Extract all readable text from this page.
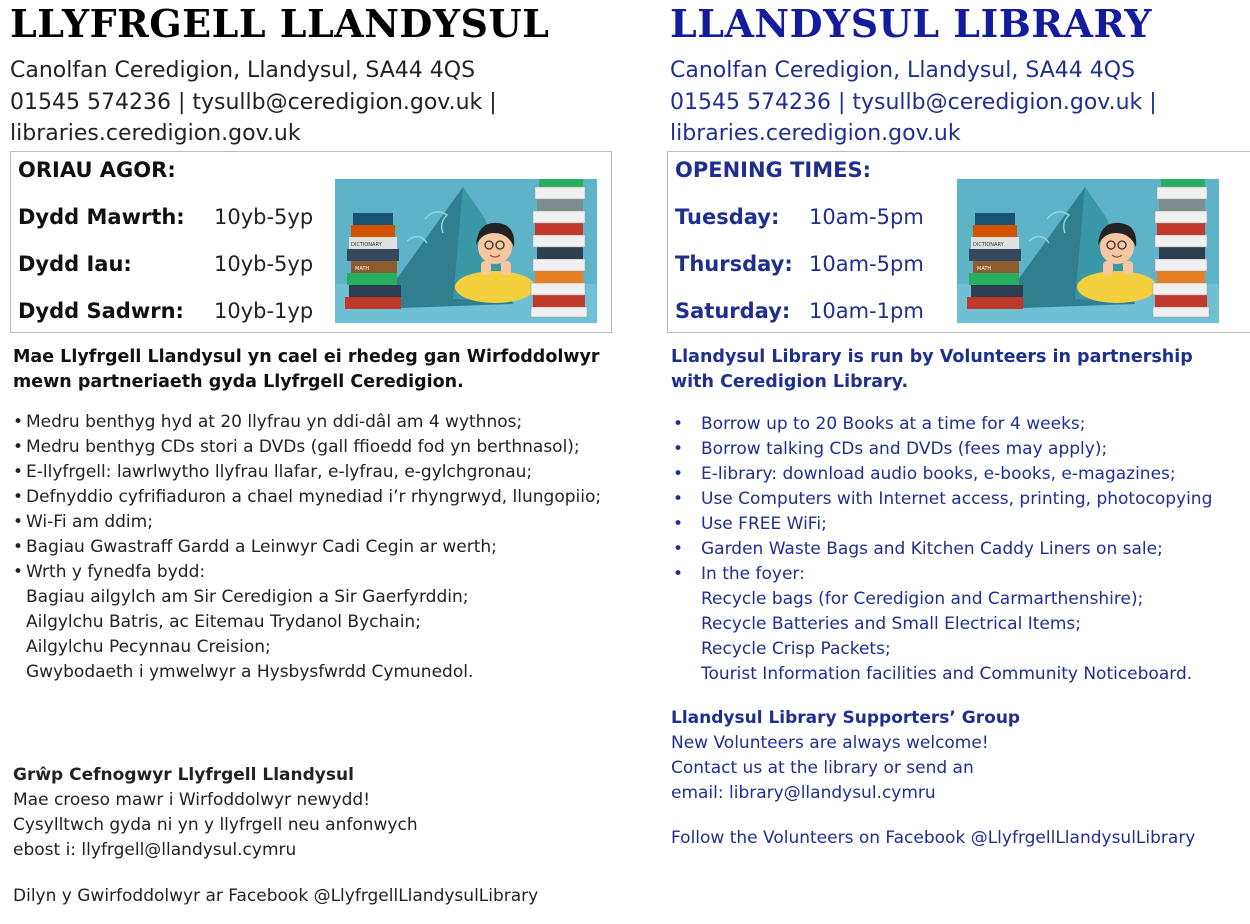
LLYFRGELL LLANDYSUL
Canolfan Ceredigion, Llandysul, SA44 4QS
01545 574236 | tysullb@ceredigion.gov.uk |
libraries.ceredigion.gov.uk
ORIAU AGOR:
Dydd Mawrth: 10yb-5yp
Dydd Iau:	10yb-5yp
Dydd Sadwrn: 10yb-1yp
MATH
DICTIONARY
Mae Llyfrgell Llandysul yn cael ei rhedeg gan Wirfoddolwyr mewn partneriaeth gyda Llyfrgell Ceredigion.
• Medru benthyg hyd at 20 llyfrau yn ddi-dâl am 4 wythnos;
• Medru benthyg CDs stori a DVDs (gall ffioedd fod yn berthnasol);
• E-llyfrgell: lawrlwytho llyfrau llafar, e-lyfrau, e-gylchgronau;
• Defnyddio cyfrifiaduron a chael mynediad i’r rhyngrwyd, llungopiio;
• Wi-Fi am ddim;
• Bagiau Gwastraff Gardd a Leinwyr Cadi Cegin ar werth;
• Wrth y fynedfa bydd:
Bagiau ailgylch am Sir Ceredigion a Sir Gaerfyrddin;
Ailgylchu Batris, ac Eitemau Trydanol Bychain;
Ailgylchu Pecynnau Creision;
Gwybodaeth i ymwelwyr a Hysbysfwrdd Cymunedol.
Grŵp Cefnogwyr Llyfrgell Llandysul
Mae croeso mawr i Wirfoddolwyr newydd!
Cysylltwch gyda ni yn y llyfrgell neu anfonwych
ebost i: llyfrgell@llandysul.cymru
Dilyn y Gwirfoddolwyr ar Facebook @LlyfrgellLlandysulLibrary
LLANDYSUL LIBRARY
Canolfan Ceredigion, Llandysul, SA44 4QS
01545 574236 | tysullb@ceredigion.gov.uk |
libraries.ceredigion.gov.uk
OPENING TIMES:
Tuesday: 10am-5pm
Thursday: 10am-5pm
Saturday: 10am-1pm
MATH
DICTIONARY
Llandysul Library is run by Volunteers in partnership with Ceredigion Library.
• Borrow up to 20 Books at a time for 4 weeks;
• Borrow talking CDs and DVDs (fees may apply);
• E-library: download audio books, e-books, e-magazines;
• Use Computers with Internet access, printing, photocopying
• Use FREE WiFi;
• Garden Waste Bags and Kitchen Caddy Liners on sale;
• In the foyer:
Recycle bags (for Ceredigion and Carmarthenshire);
Recycle Batteries and Small Electrical Items;
Recycle Crisp Packets;
Tourist Information facilities and Community Noticeboard.
Llandysul Library Supporters’ Group
New Volunteers are always welcome!
Contact us at the library or send an
email: library@llandysul.cymru
Follow the Volunteers on Facebook @LlyfrgellLlandysulLibrary
